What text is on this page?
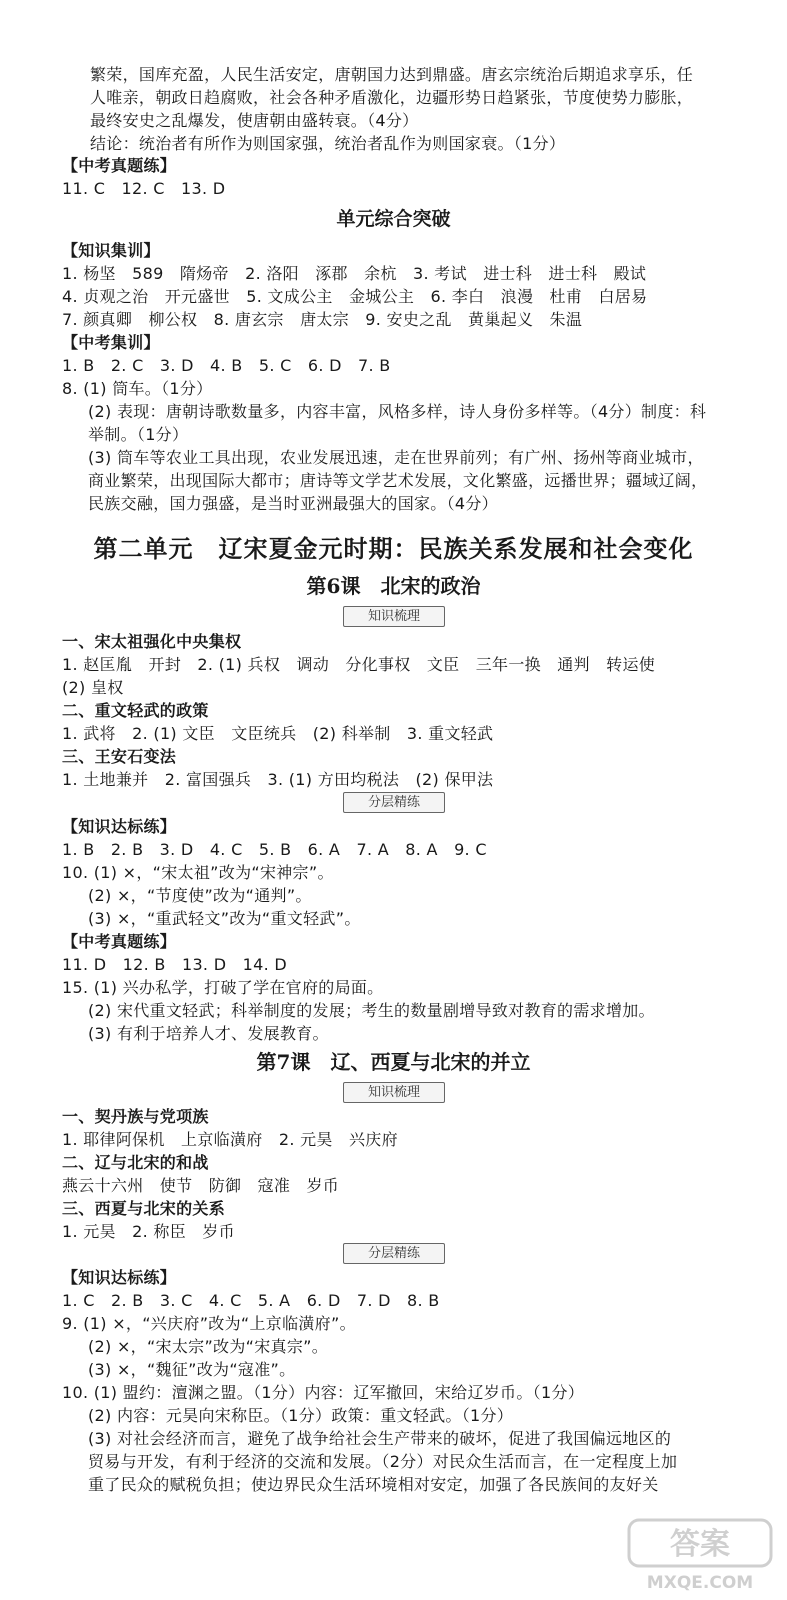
繁荣，国库充盈，人民生活安定，唐朝国力达到鼎盛。唐玄宗统治后期追求享乐，任
人唯亲，朝政日趋腐败，社会各种矛盾激化，边疆形势日趋紧张，节度使势力膨胀，
最终安史之乱爆发，使唐朝由盛转衰。（4分）
结论：统治者有所作为则国家强，统治者乱作为则国家衰。（1分）
【中考真题练】
11. C　12. C　13. D
单元综合突破
【知识集训】
1. 杨坚　589　隋炀帝　2. 洛阳　涿郡　余杭　3. 考试　进士科　进士科　殿试
4. 贞观之治　开元盛世　5. 文成公主　金城公主　6. 李白　浪漫　杜甫　白居易
7. 颜真卿　柳公权　8. 唐玄宗　唐太宗　9. 安史之乱　黄巢起义　朱温
【中考集训】
1. B　2. C　3. D　4. B　5. C　6. D　7. B
8. (1) 筒车。（1分）
(2) 表现：唐朝诗歌数量多，内容丰富，风格多样，诗人身份多样等。（4分）制度：科
举制。（1分）
(3) 筒车等农业工具出现，农业发展迅速，走在世界前列；有广州、扬州等商业城市，
商业繁荣，出现国际大都市；唐诗等文学艺术发展，文化繁盛，远播世界；疆域辽阔，
民族交融，国力强盛，是当时亚洲最强大的国家。（4分）
第二单元　辽宋夏金元时期：民族关系发展和社会变化
第6课　北宋的政治
知识梳理
一、宋太祖强化中央集权
1. 赵匡胤　开封　2. (1) 兵权　调动　分化事权　文臣　三年一换　通判　转运使
(2) 皇权
二、重文轻武的政策
1. 武将　2. (1) 文臣　文臣统兵　(2) 科举制　3. 重文轻武
三、王安石变法
1. 土地兼并　2. 富国强兵　3. (1) 方田均税法　(2) 保甲法
分层精练
【知识达标练】
1. B　2. B　3. D　4. C　5. B　6. A　7. A　8. A　9. C
10. (1) ×，“宋太祖”改为“宋神宗”。
(2) ×，“节度使”改为“通判”。
(3) ×，“重武轻文”改为“重文轻武”。
【中考真题练】
11. D　12. B　13. D　14. D
15. (1) 兴办私学，打破了学在官府的局面。
(2) 宋代重文轻武；科举制度的发展；考生的数量剧增导致对教育的需求增加。
(3) 有利于培养人才、发展教育。
第7课　辽、西夏与北宋的并立
知识梳理
一、契丹族与党项族
1. 耶律阿保机　上京临潢府　2. 元昊　兴庆府
二、辽与北宋的和战
燕云十六州　使节　防御　寇准　岁币
三、西夏与北宋的关系
1. 元昊　2. 称臣　岁币
分层精练
【知识达标练】
1. C　2. B　3. C　4. C　5. A　6. D　7. D　8. B
9. (1) ×，“兴庆府”改为“上京临潢府”。
(2) ×，“宋太宗”改为“宋真宗”。
(3) ×，“魏征”改为“寇准”。
10. (1) 盟约：澶渊之盟。（1分）内容：辽军撤回，宋给辽岁币。（1分）
(2) 内容：元昊向宋称臣。（1分）政策：重文轻武。（1分）
(3) 对社会经济而言，避免了战争给社会生产带来的破坏，促进了我国偏远地区的
贸易与开发，有利于经济的交流和发展。（2分）对民众生活而言，在一定程度上加
重了民众的赋税负担；使边界民众生活环境相对安定，加强了各民族间的友好关
答案
MXQE.COM
